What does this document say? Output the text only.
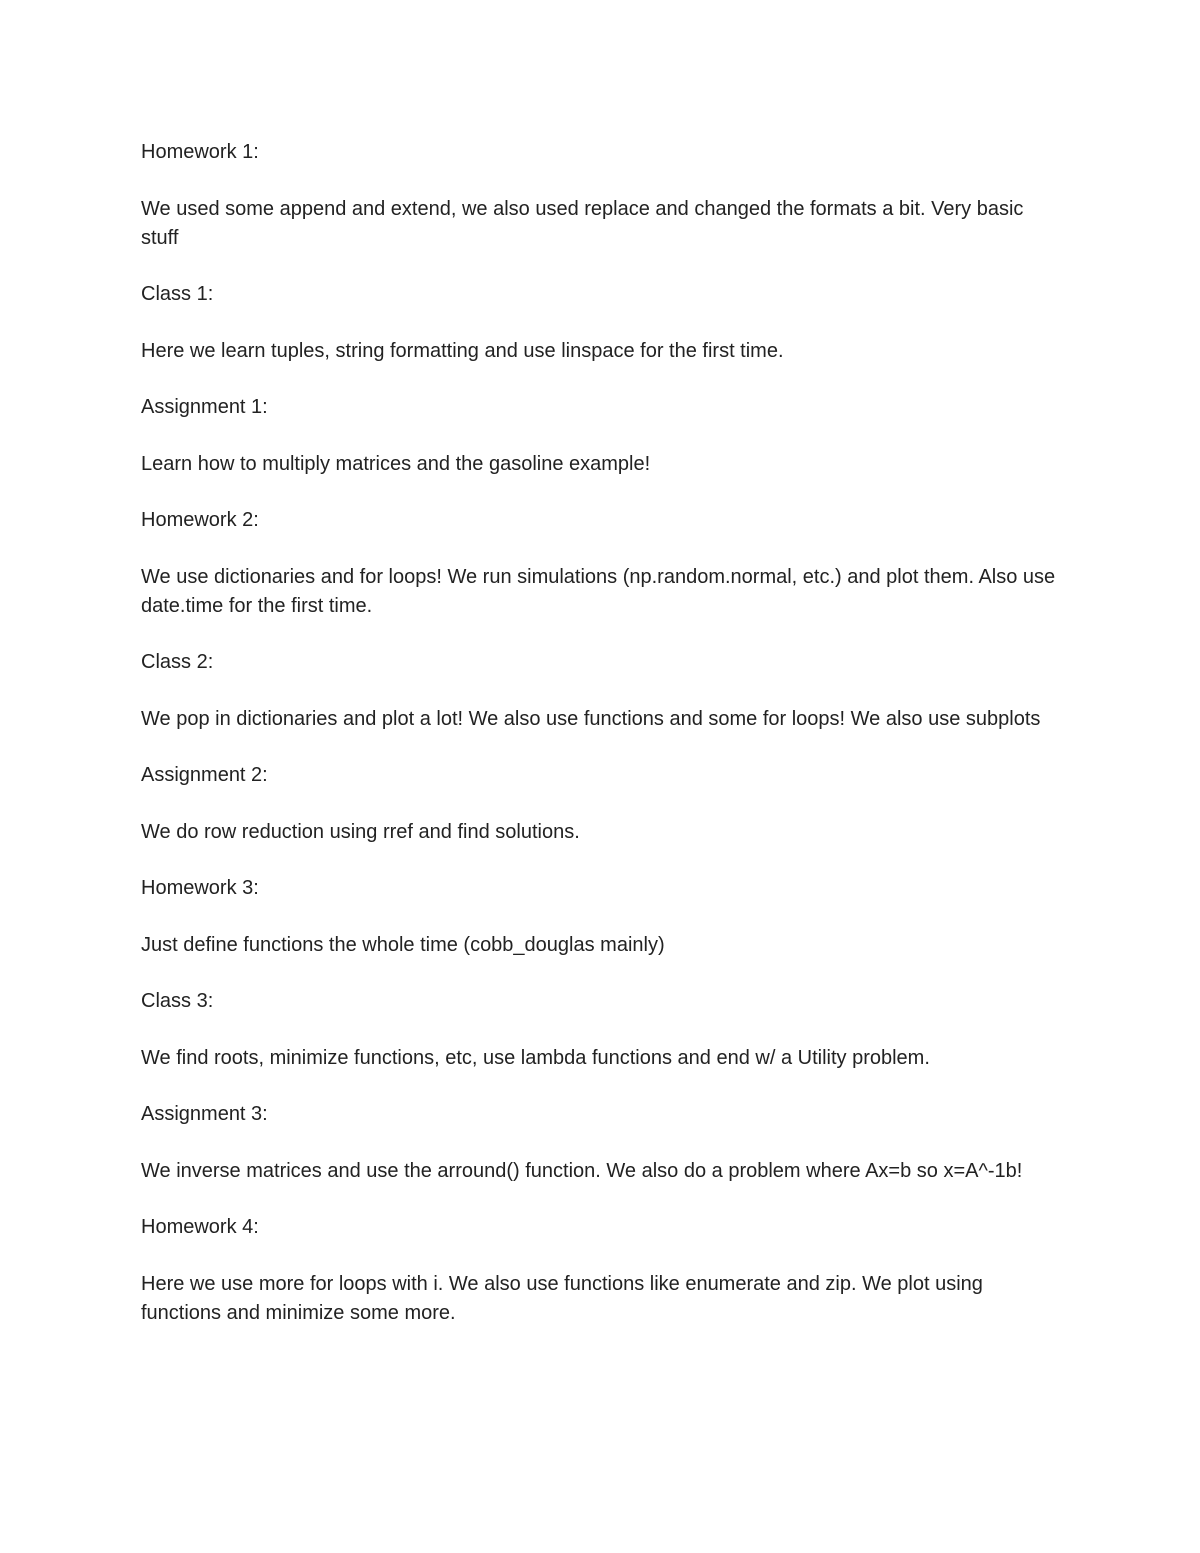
Homework 1:

We used some append and extend, we also used replace and changed the formats a bit. Very basic stuff

Class 1:

Here we learn tuples, string formatting and use linspace for the first time.

Assignment 1:

Learn how to multiply matrices and the gasoline example!

Homework 2:

We use dictionaries and for loops! We run simulations (np.random.normal, etc.) and plot them. Also use date.time for the first time.

Class 2:

We pop in dictionaries and plot a lot! We also use functions and some for loops! We also use subplots

Assignment 2:

We do row reduction using rref and find solutions.

Homework 3:

Just define functions the whole time (cobb_douglas mainly)

Class 3:

We find roots, minimize functions, etc, use lambda functions and end w/ a Utility problem.

Assignment 3:

We inverse matrices and use the arround() function. We also do a problem where Ax=b so x=A^-1b!

Homework 4:

Here we use more for loops with i. We also use functions like enumerate and zip. We plot using functions and minimize some more.
